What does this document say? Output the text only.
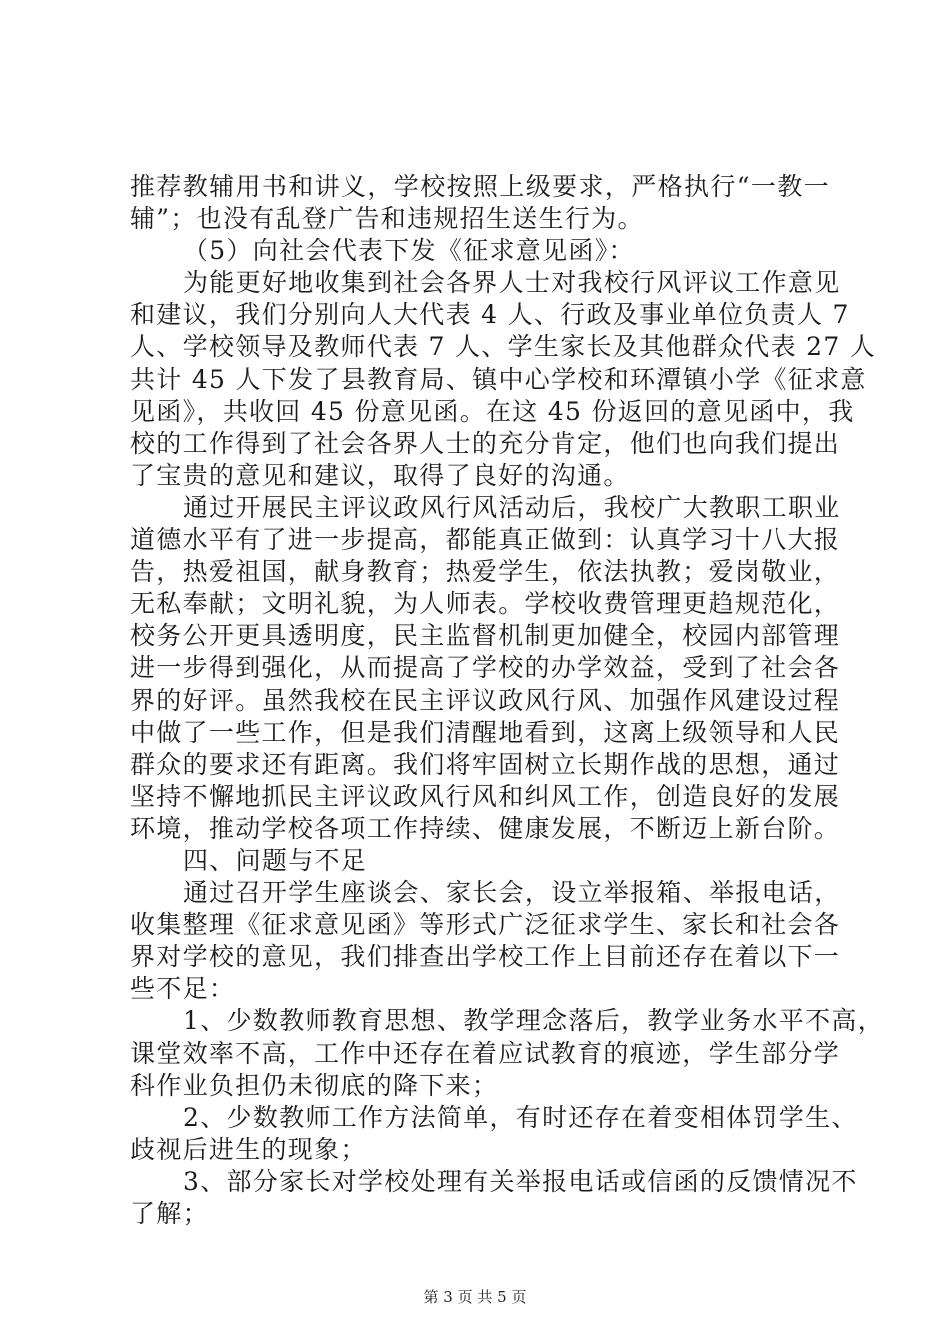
推荐教辅用书和讲义，学校按照上级要求，严格执行“一教一
辅”；也没有乱登广告和违规招生送生行为。
（5）向社会代表下发《征求意见函》：
为能更好地收集到社会各界人士对我校行风评议工作意见
和建议，我们分别向人大代表 4 人、行政及事业单位负责人 7
人、学校领导及教师代表 7 人、学生家长及其他群众代表 27 人
共计 45 人下发了县教育局、镇中心学校和环潭镇小学《征求意
见函》，共收回 45 份意见函。在这 45 份返回的意见函中，我
校的工作得到了社会各界人士的充分肯定，他们也向我们提出
了宝贵的意见和建议，取得了良好的沟通。
通过开展民主评议政风行风活动后，我校广大教职工职业
道德水平有了进一步提高，都能真正做到：认真学习十八大报
告，热爱祖国，献身教育；热爱学生，依法执教；爱岗敬业，
无私奉献；文明礼貌，为人师表。学校收费管理更趋规范化，
校务公开更具透明度，民主监督机制更加健全，校园内部管理
进一步得到强化，从而提高了学校的办学效益，受到了社会各
界的好评。虽然我校在民主评议政风行风、加强作风建设过程
中做了一些工作，但是我们清醒地看到，这离上级领导和人民
群众的要求还有距离。我们将牢固树立长期作战的思想，通过
坚持不懈地抓民主评议政风行风和纠风工作，创造良好的发展
环境，推动学校各项工作持续、健康发展，不断迈上新台阶。
四、问题与不足
通过召开学生座谈会、家长会，设立举报箱、举报电话，
收集整理《征求意见函》等形式广泛征求学生、家长和社会各
界对学校的意见，我们排查出学校工作上目前还存在着以下一
些不足：
1、少数教师教育思想、教学理念落后，教学业务水平不高，
课堂效率不高，工作中还存在着应试教育的痕迹，学生部分学
科作业负担仍未彻底的降下来；
2、少数教师工作方法简单，有时还存在着变相体罚学生、
歧视后进生的现象；
3、部分家长对学校处理有关举报电话或信函的反馈情况不
了解；
第 3 页 共 5 页
